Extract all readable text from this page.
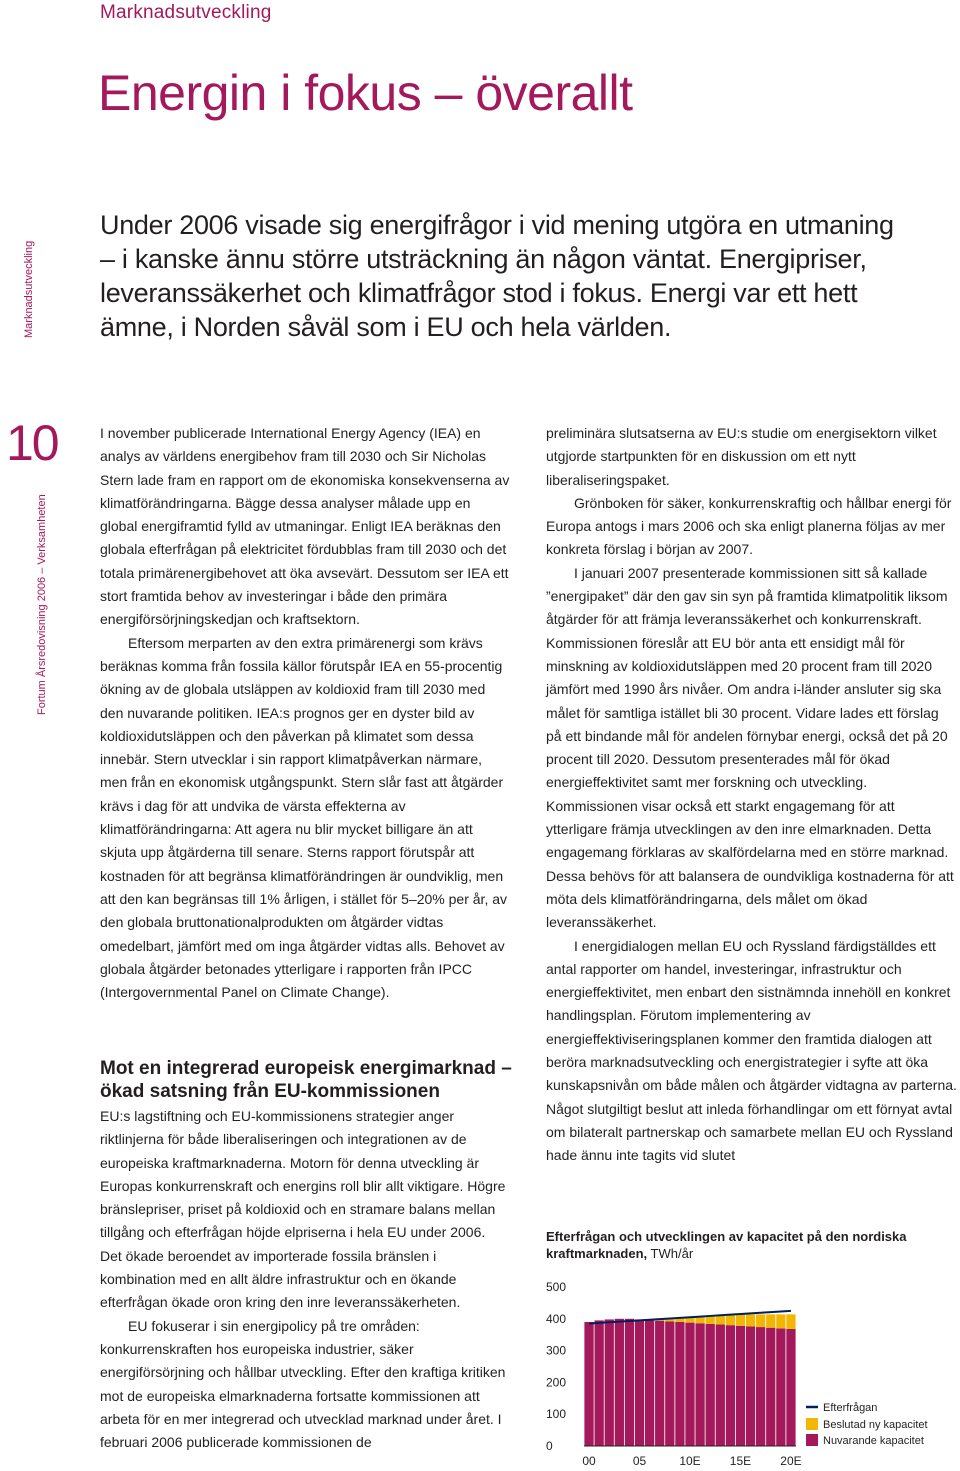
Marknadsutveckling
Energin i fokus – överallt

Under 2006 visade sig energifrågor i vid mening utgöra en utmaning – i kanske ännu större utsträckning än någon väntat. Energipriser, leveranssäkerhet och klimatfrågor stod i fokus. Energi var ett hett ämne, i Norden såväl som i EU och hela världen.

Marknadsutveckling
10
Fortum Årsredovisning 2006 – Verksamheten

I november publicerade International Energy Agency (IEA) en analys av världens energibehov fram till 2030 och Sir Nicholas Stern lade fram en rapport om de ekonomiska konsekvenserna av klimatförändringarna. Bägge dessa analyser målade upp en global energiframtid fylld av utmaningar. Enligt IEA beräknas den globala efterfrågan på elektricitet fördubblas fram till 2030 och det totala primärenergibehovet att öka avsevärt. Dessutom ser IEA ett stort framtida behov av investeringar i både den primära energiförsörjningskedjan och kraftsektorn.

Eftersom merparten av den extra primärenergi som krävs beräknas komma från fossila källor förutspår IEA en 55-procentig ökning av de globala utsläppen av koldioxid fram till 2030 med den nuvarande politiken. IEA:s prognos ger en dyster bild av koldioxidutsläppen och den påverkan på klimatet som dessa innebär. Stern utvecklar i sin rapport klimatpåverkan närmare, men från en ekonomisk utgångspunkt. Stern slår fast att åtgärder krävs i dag för att undvika de värsta effekterna av klimatförändringarna: Att agera nu blir mycket billigare än att skjuta upp åtgärderna till senare. Sterns rapport förutspår att kostnaden för att begränsa klimatförändringen är oundviklig, men att den kan begränsas till 1% årligen, i stället för 5–20% per år, av den globala bruttonationalprodukten om åtgärder vidtas omedelbart, jämfört med om inga åtgärder vidtas alls. Behovet av globala åtgärder betonades ytterligare i rapporten från IPCC (Intergovernmental Panel on Climate Change).

Mot en integrerad europeisk energimarknad – ökad satsning från EU-kommissionen

EU:s lagstiftning och EU-kommissionens strategier anger riktlinjerna för både liberaliseringen och integrationen av de europeiska kraftmarknaderna. Motorn för denna utveckling är Europas konkurrenskraft och energins roll blir allt viktigare. Högre bränslepriser, priset på koldioxid och en stramare balans mellan tillgång och efterfrågan höjde elpriserna i hela EU under 2006. Det ökade beroendet av importerade fossila bränslen i kombination med en allt äldre infrastruktur och en ökande efterfrågan ökade oron kring den inre leveranssäkerheten.

EU fokuserar i sin energipolicy på tre områden: konkurrenskraften hos europeiska industrier, säker energiförsörjning och hållbar utveckling. Efter den kraftiga kritiken mot de europeiska elmarknaderna fortsatte kommissionen att arbeta för en mer integrerad och utvecklad marknad under året. I februari 2006 publicerade kommissionen de

preliminära slutsatserna av EU:s studie om energisektorn vilket utgjorde startpunkten för en diskussion om ett nytt liberaliseringspaket.

Grönboken för säker, konkurrenskraftig och hållbar energi för Europa antogs i mars 2006 och ska enligt planerna följas av mer konkreta förslag i början av 2007.

I januari 2007 presenterade kommissionen sitt så kallade ”energipaket” där den gav sin syn på framtida klimatpolitik liksom åtgärder för att främja leveranssäkerhet och konkurrenskraft. Kommissionen föreslår att EU bör anta ett ensidigt mål för minskning av koldioxidutsläppen med 20 procent fram till 2020 jämfört med 1990 års nivåer. Om andra i-länder ansluter sig ska målet för samtliga istället bli 30 procent. Vidare lades ett förslag på ett bindande mål för andelen förnybar energi, också det på 20 procent till 2020. Dessutom presenterades mål för ökad energieffektivitet samt mer forskning och utveckling. Kommissionen visar också ett starkt engagemang för att ytterligare främja utvecklingen av den inre elmarknaden. Detta engagemang förklaras av skalfördelarna med en större marknad. Dessa behövs för att balansera de oundvikliga kostnaderna för att möta dels klimatförändringarna, dels målet om ökad leveranssäkerhet.

I energidialogen mellan EU och Ryssland färdigställdes ett antal rapporter om handel, investeringar, infrastruktur och energieffektivitet, men enbart den sistnämnda innehöll en konkret handlingsplan. Förutom implementering av energieffektiviseringsplanen kommer den framtida dialogen att beröra marknadsutveckling och energistrategier i syfte att öka kunskapsnivån om både målen och åtgärder vidtagna av parterna. Något slutgiltigt beslut att inleda förhandlingar om ett förnyat avtal om bilateralt partnerskap och samarbete mellan EU och Ryssland hade ännu inte tagits vid slutet

Efterfrågan och utvecklingen av kapacitet på den nordiska kraftmarknaden, TWh/år
500
400
300
200
100
0
00	05	10E 15E 20E
Efterfrågan
Beslutad ny kapacitet
Nuvarande kapacitet
